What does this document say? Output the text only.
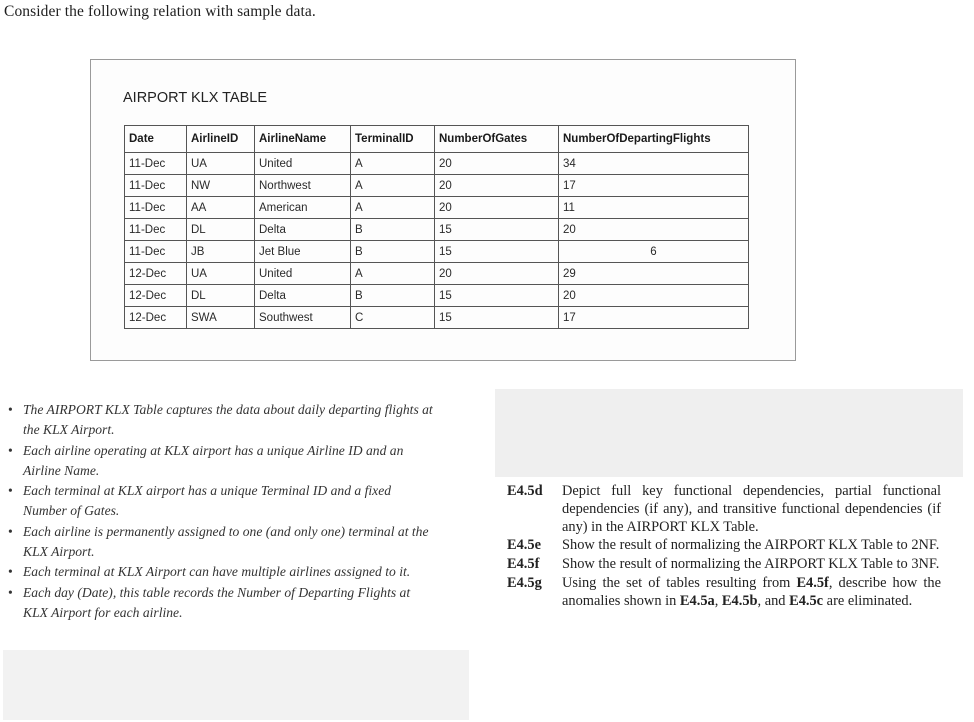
Consider the following relation with sample data.
AIRPORT KLX TABLE
Date	AirlineID	AirlineName	TerminalID	NumberOfGates	NumberOfDepartingFlights
11-Dec	UA	United	A	20	34
11-Dec	NW	Northwest	A	20	17
11-Dec	AA	American	A	20	11
11-Dec	DL	Delta	B	15	20
11-Dec	JB	Jet Blue	B	15	6
12-Dec	UA	United	A	20	29
12-Dec	DL	Delta	B	15	20
12-Dec	SWA	Southwest	C	15	17
• The AIRPORT KLX Table captures the data about daily departing flights at the KLX Airport.
• Each airline operating at KLX airport has a unique Airline ID and an Airline Name.
• Each terminal at KLX airport has a unique Terminal ID and a fixed Number of Gates.
• Each airline is permanently assigned to one (and only one) terminal at the KLX Airport.
• Each terminal at KLX Airport can have multiple airlines assigned to it.
• Each day (Date), this table records the Number of Departing Flights at KLX Airport for each airline.
E4.5d	Depict full key functional dependencies, partial functional dependencies (if any), and transitive functional dependencies (if any) in the AIRPORT KLX Table.
E4.5e	Show the result of normalizing the AIRPORT KLX Table to 2NF.
E4.5f	Show the result of normalizing the AIRPORT KLX Table to 3NF.
E4.5g	Using the set of tables resulting from E4.5f, describe how the anomalies shown in E4.5a, E4.5b, and E4.5c are eliminated.
